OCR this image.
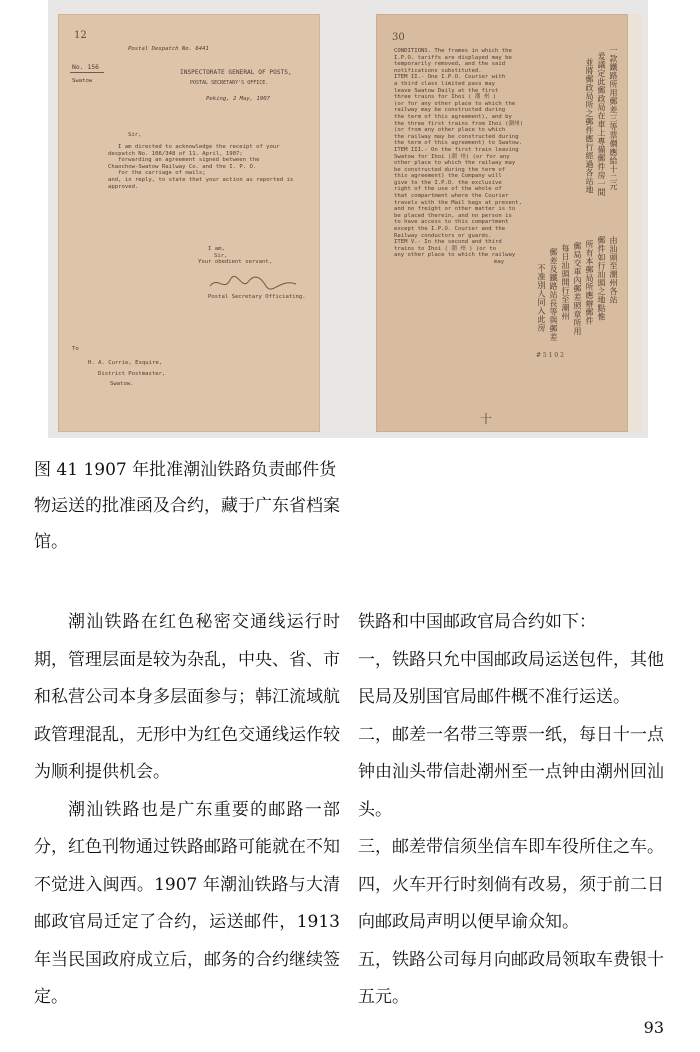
12
Postal Despatch No. 6441
No. 156
Swatow
INSPECTORATE GENERAL OF POSTS,
POSTAL SECRETARY'S OFFICE.
Peking, 2 May, 1907
Sir,
I am directed to acknowledge the receipt of your
despatch No. 106/348 of 11. April, 1907;
forwarding an agreement signed between the
Chaochow-Swatow Railway Co. and the I. P. O.
for the carriage of mails;
and, in reply, to state that your action as reported is
approved.
I am,
Sir,
Your obedient servant,
Postal Secretary Officiating.
To
H. A. Currie, Esquire,
District Postmaster,
Swatow.
30
CONDITIONS. The frames in which the
I.P.O. tariffs are displayed may be
temporarily removed, and the said
notifications substituted.
ITEM II.- One I.P.O. Courier with
a third class limited pass may
leave Swatow Daily at the first
three trains for Ihoi ( 潮 州 )
(or for any other place to which the
railway may be constructed during
the term of this agreement), and by
the three first trains from Ihoi (潮州)
(or from any other place to which
the railway may be constructed during
the term of this agreement) to Swatow.
ITEM III.- On the first train leaving
Swatow for Ihoi (潮 州) (or for any
other place to which the railway may
be constructed during the term of
this agreement) the Company will
give to the I.P.O. the exclusive
right of the use of the whole of
that compartment where the Courier
travels with the Mail bags at present,
and no freight or other matter is to
be placed therein, and no person is
to have access to this compartment
except the I.P.O. Courier and the
Railway conductors or guards.
ITEM V.- In the second and third
trains to Ihoi ( 潮 州 ) (or to
any other place to which the railway
may
十
# 5 1 0 2
一款鐵路所用郵差三等票價應給十二元
爰議定此郵政局在車上專備郵件房一間
並將郵政局所之郵件應行經過各站地
由汕頭至潮州各站
郵件如行汕頭之地點惟
所有本郵局所應辦郵件
郵局交車內郵差照章所用
每日汕頭開行至潮州
郵差及鐵路站長等與郵差
不准別人同入此房
图 41 1907 年批准潮汕铁路负责邮件货物运送的批准函及合约，藏于广东省档案馆。

潮汕铁路在红色秘密交通线运行时期，管理层面是较为杂乱，中央、省、市和私营公司本身多层面参与；韩江流域航政管理混乱，无形中为红色交通线运作较为顺利提供机会。

潮汕铁路也是广东重要的邮路一部分，红色刊物通过铁路邮路可能就在不知不觉进入闽西。1907 年潮汕铁路与大清邮政官局迁定了合约，运送邮件，1913 年当民国政府成立后，邮务的合约继续签定。

铁路和中国邮政官局合约如下：

一，铁路只允中国邮政局运送包件，其他民局及别国官局邮件概不准行运送。

二，邮差一名带三等票一纸，每日十一点钟由汕头带信赴潮州至一点钟由潮州回汕头。

三，邮差带信须坐信车即车役所住之车。

四，火车开行时刻倘有改易，须于前二日向邮政局声明以便早谕众知。

五，铁路公司每月向邮政局领取车费银十五元。

93
